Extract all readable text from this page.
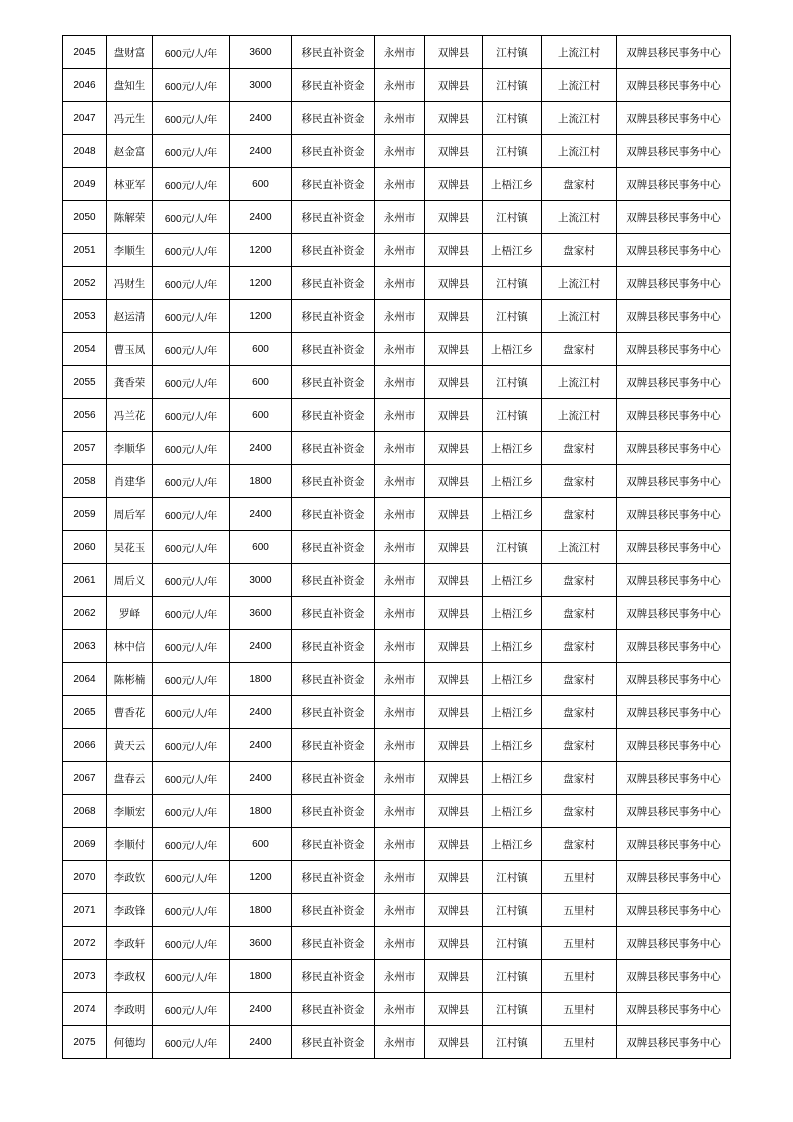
2045	盘财富	600元/人/年	3600	移民直补资金	永州市	双牌县	江村镇	上流江村	双牌县移民事务中心
2046	盘知生	600元/人/年	3000	移民直补资金	永州市	双牌县	江村镇	上流江村	双牌县移民事务中心
2047	冯元生	600元/人/年	2400	移民直补资金	永州市	双牌县	江村镇	上流江村	双牌县移民事务中心
2048	赵金富	600元/人/年	2400	移民直补资金	永州市	双牌县	江村镇	上流江村	双牌县移民事务中心
2049	林亚军	600元/人/年	600	移民直补资金	永州市	双牌县	上梧江乡	盘家村	双牌县移民事务中心
2050	陈解荣	600元/人/年	2400	移民直补资金	永州市	双牌县	江村镇	上流江村	双牌县移民事务中心
2051	李顺生	600元/人/年	1200	移民直补资金	永州市	双牌县	上梧江乡	盘家村	双牌县移民事务中心
2052	冯财生	600元/人/年	1200	移民直补资金	永州市	双牌县	江村镇	上流江村	双牌县移民事务中心
2053	赵运清	600元/人/年	1200	移民直补资金	永州市	双牌县	江村镇	上流江村	双牌县移民事务中心
2054	曹玉凤	600元/人/年	600	移民直补资金	永州市	双牌县	上梧江乡	盘家村	双牌县移民事务中心
2055	龚香荣	600元/人/年	600	移民直补资金	永州市	双牌县	江村镇	上流江村	双牌县移民事务中心
2056	冯兰花	600元/人/年	600	移民直补资金	永州市	双牌县	江村镇	上流江村	双牌县移民事务中心
2057	李顺华	600元/人/年	2400	移民直补资金	永州市	双牌县	上梧江乡	盘家村	双牌县移民事务中心
2058	肖建华	600元/人/年	1800	移民直补资金	永州市	双牌县	上梧江乡	盘家村	双牌县移民事务中心
2059	周后军	600元/人/年	2400	移民直补资金	永州市	双牌县	上梧江乡	盘家村	双牌县移民事务中心
2060	吴花玉	600元/人/年	600	移民直补资金	永州市	双牌县	江村镇	上流江村	双牌县移民事务中心
2061	周后义	600元/人/年	3000	移民直补资金	永州市	双牌县	上梧江乡	盘家村	双牌县移民事务中心
2062	罗峄	600元/人/年	3600	移民直补资金	永州市	双牌县	上梧江乡	盘家村	双牌县移民事务中心
2063	林中信	600元/人/年	2400	移民直补资金	永州市	双牌县	上梧江乡	盘家村	双牌县移民事务中心
2064	陈彬楠	600元/人/年	1800	移民直补资金	永州市	双牌县	上梧江乡	盘家村	双牌县移民事务中心
2065	曹香花	600元/人/年	2400	移民直补资金	永州市	双牌县	上梧江乡	盘家村	双牌县移民事务中心
2066	黄天云	600元/人/年	2400	移民直补资金	永州市	双牌县	上梧江乡	盘家村	双牌县移民事务中心
2067	盘春云	600元/人/年	2400	移民直补资金	永州市	双牌县	上梧江乡	盘家村	双牌县移民事务中心
2068	李顺宏	600元/人/年	1800	移民直补资金	永州市	双牌县	上梧江乡	盘家村	双牌县移民事务中心
2069	李顺付	600元/人/年	600	移民直补资金	永州市	双牌县	上梧江乡	盘家村	双牌县移民事务中心
2070	李政钦	600元/人/年	1200	移民直补资金	永州市	双牌县	江村镇	五里村	双牌县移民事务中心
2071	李政锋	600元/人/年	1800	移民直补资金	永州市	双牌县	江村镇	五里村	双牌县移民事务中心
2072	李政轩	600元/人/年	3600	移民直补资金	永州市	双牌县	江村镇	五里村	双牌县移民事务中心
2073	李政权	600元/人/年	1800	移民直补资金	永州市	双牌县	江村镇	五里村	双牌县移民事务中心
2074	李政明	600元/人/年	2400	移民直补资金	永州市	双牌县	江村镇	五里村	双牌县移民事务中心
2075	何德均	600元/人/年	2400	移民直补资金	永州市	双牌县	江村镇	五里村	双牌县移民事务中心
